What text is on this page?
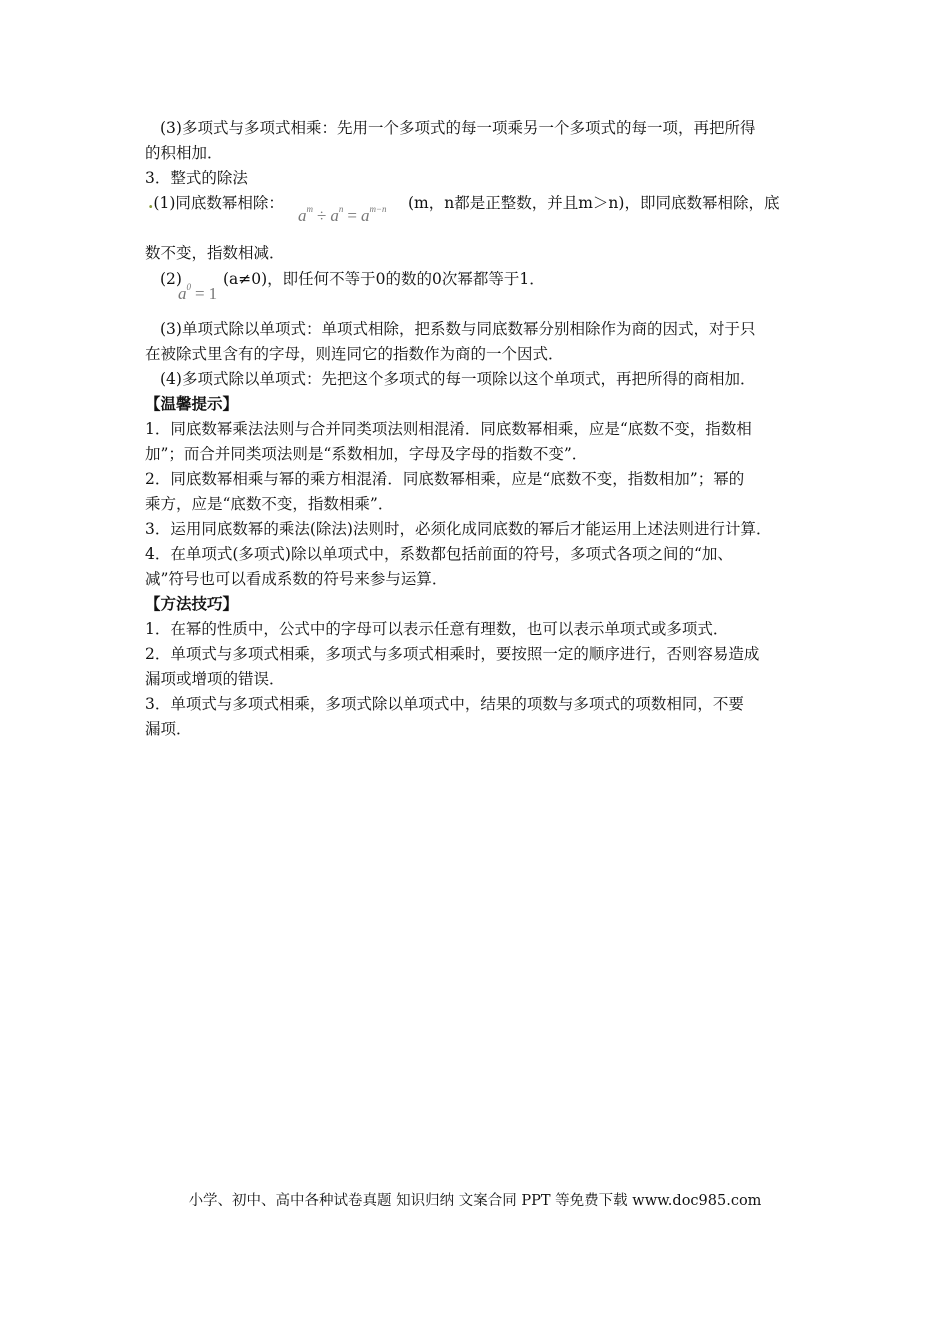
(3)多项式与多项式相乘：先用一个多项式的每一项乘另一个多项式的每一项，再把所得
的积相加．
3．整式的除法
.(1)同底数幂相除：
$a^m \div a^n = a^{m-n}$ (m，n都是正整数，并且m＞n)，即同底数幂相除，底
数不变，指数相减．
(2)
$a^0 = 1$
(a≠0)，即任何不等于0的数的0次幂都等于1．
(3)单项式除以单项式：单项式相除，把系数与同底数幂分别相除作为商的因式，对于只
在被除式里含有的字母，则连同它的指数作为商的一个因式．
(4)多项式除以单项式：先把这个多项式的每一项除以这个单项式，再把所得的商相加．
【温馨提示】
1．同底数幂乘法法则与合并同类项法则相混淆．同底数幂相乘，应是“底数不变，指数相
加”；而合并同类项法则是“系数相加，字母及字母的指数不变”．
2．同底数幂相乘与幂的乘方相混淆．同底数幂相乘，应是“底数不变，指数相加”；幂的
乘方，应是“底数不变，指数相乘”．
3．运用同底数幂的乘法(除法)法则时，必须化成同底数的幂后才能运用上述法则进行计算．
4．在单项式(多项式)除以单项式中，系数都包括前面的符号，多项式各项之间的“加、
减”符号也可以看成系数的符号来参与运算．
【方法技巧】
1．在幂的性质中，公式中的字母可以表示任意有理数，也可以表示单项式或多项式．
2．单项式与多项式相乘，多项式与多项式相乘时，要按照一定的顺序进行，否则容易造成
漏项或增项的错误．
3．单项式与多项式相乘，多项式除以单项式中，结果的项数与多项式的项数相同，不要
漏项．
小学、初中、高中各种试卷真题 知识归纳 文案合同 PPT 等免费下载 www.doc985.com
